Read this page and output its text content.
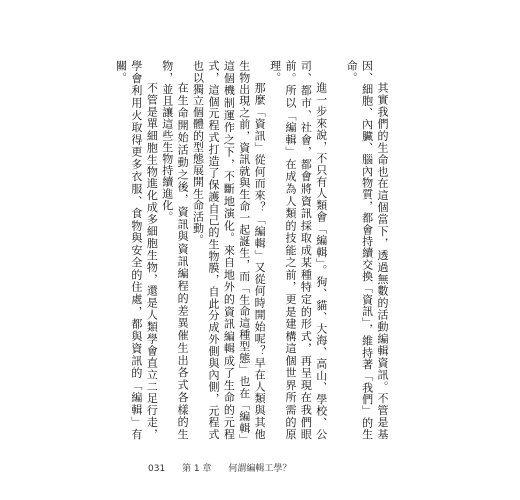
其實我們的生命也在這個當下，透過無數的活動編輯資訊。不管是基因、細胞、內臟、腦內物質，都會持續交換「資訊」，維持著「我們」的生命。

進一步來說，不只有人類會「編輯」。狗、貓、大海、高山、學校、公司、都市、社會，都會將資訊採取成某種特定的形式，再呈現在我們眼前。所以「編輯」在成為人類的技能之前，更是建構這個世界所需的原理。

那麼「資訊」從何而來？「編輯」又從何時開始呢？早在人類與其他生物出現之前，資訊就與生命一起誕生，而「生命這種型態」也在「編輯」這個機制運作之下，不斷地演化。來自地外的資訊編輯成了生命的元程式，這個元程式打造了保護自己的生物膜，自此分成外側與內側，元程式也以獨立個體的型態展開生命活動。

在生命開始活動之後，資訊與資訊編程的差異催生出各式各樣的生物，並且讓這些生物持續進化。

不管是單細胞生物進化成多細胞生物，還是人類學會直立二足行走，學會利用火取得更多衣服、食物與安全的住處，都與資訊的「編輯」有關。

031 第 1 章 何謂編輯工學？
